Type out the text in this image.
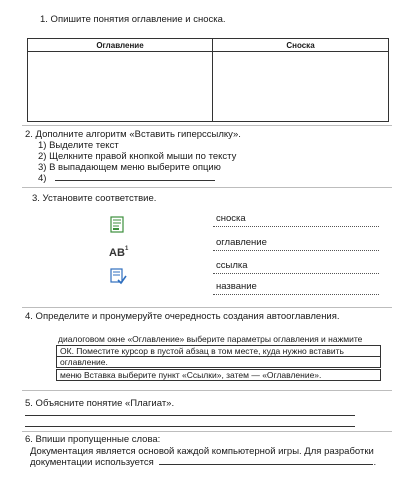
1. Опишите понятия оглавление и сноска.
Оглавление	Сноска
2. Дополните алгоритм «Вставить гиперссылку».
1) Выделите текст
2) Щелкните правой кнопкой мыши по тексту
3) В выпадающем меню выберите опцию
4)
3. Установите соответствие.
AB 1
сноска
оглавление
ссылка
название
4. Определите и пронумеруйте очередность создания автооглавления.
диалоговом окне «Оглавление» выберите параметры оглавления и нажмите
ОК. Поместите курсор в пустой абзац в том месте, куда нужно вставить
оглавление.
меню Вставка выберите пункт «Ссылки», затем — «Оглавление».
5. Объясните понятие «Плагиат».
6. Впиши пропущенные слова:
Документация является основой каждой компьютерной игры. Для разработки
документации используется	.
